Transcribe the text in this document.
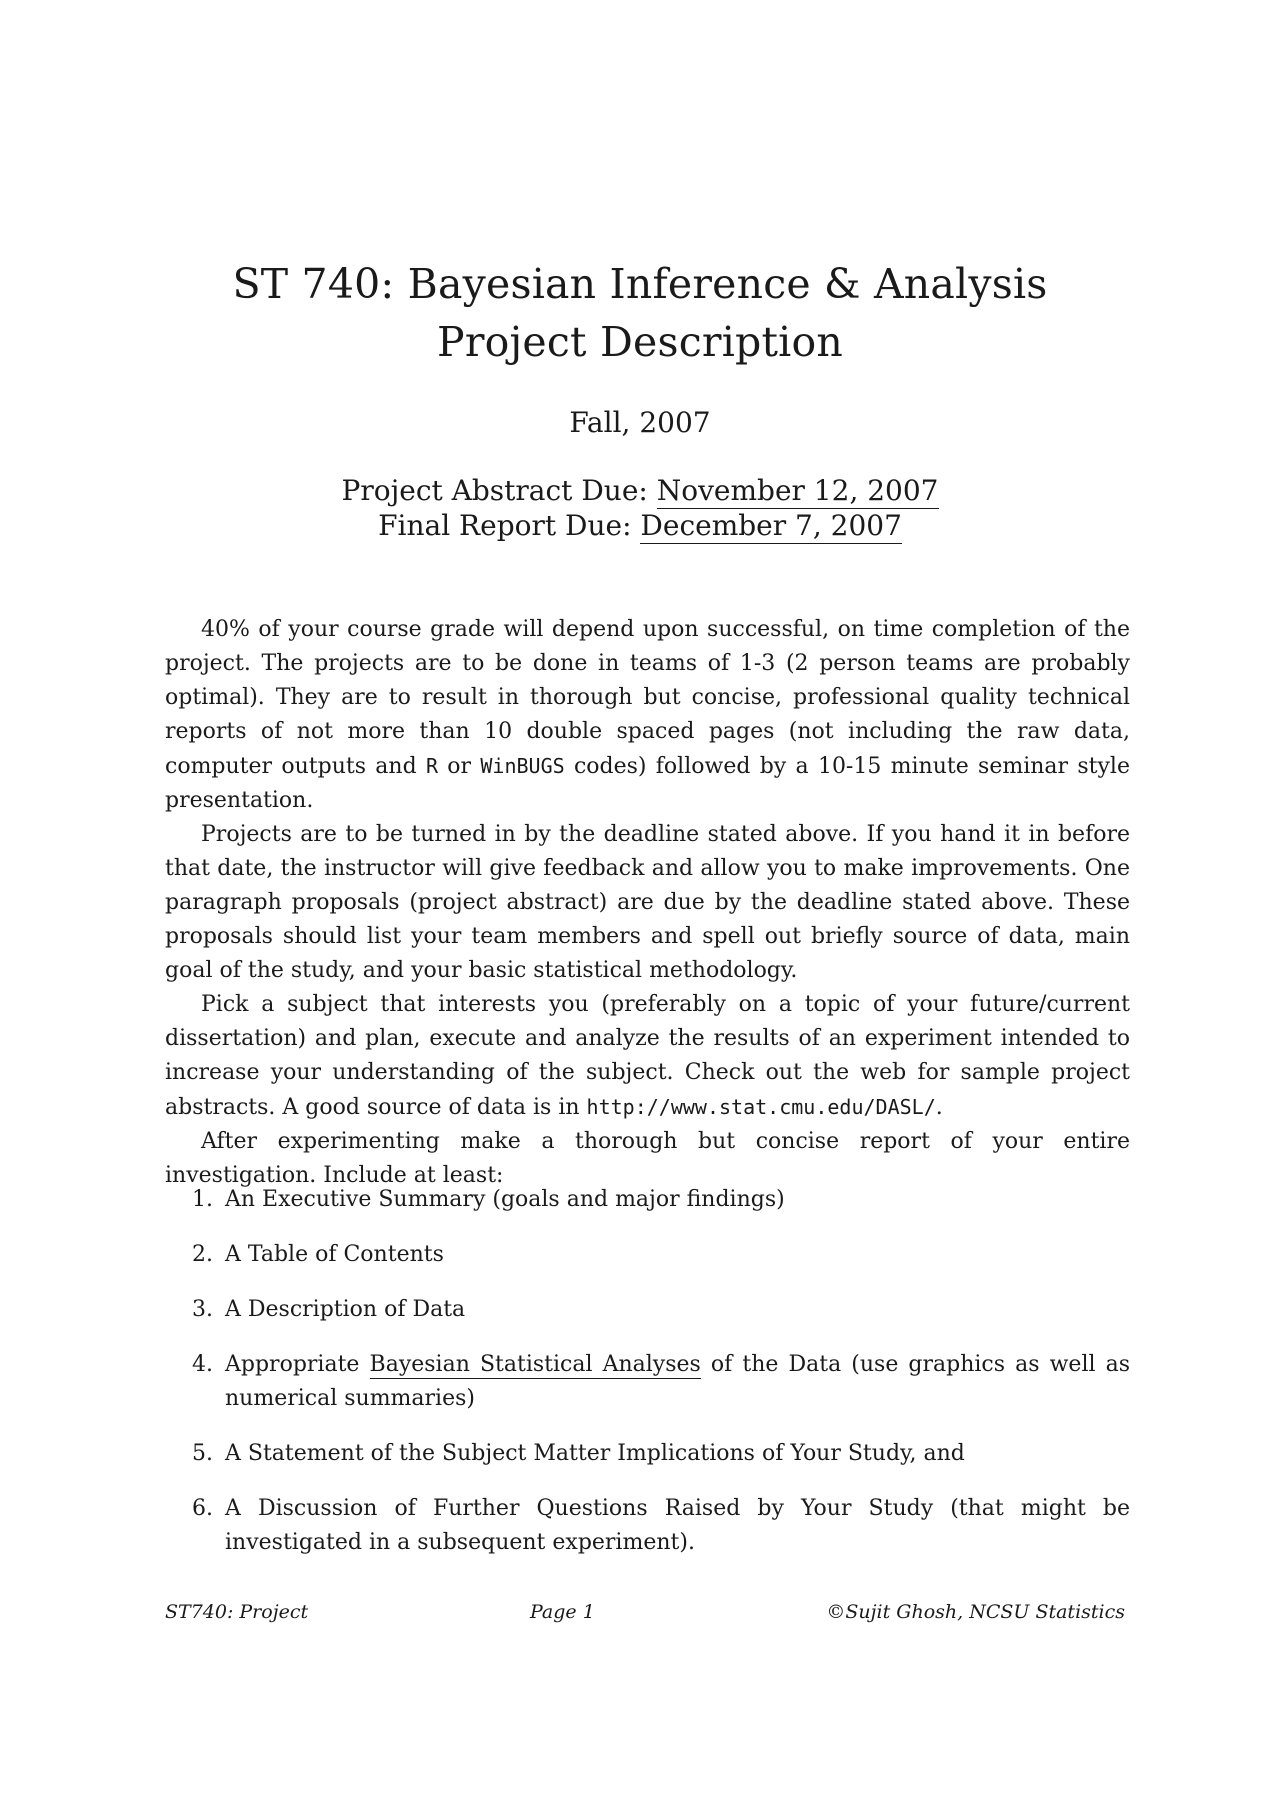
ST 740: Bayesian Inference & Analysis
Project Description
Fall, 2007
Project Abstract Due: November 12, 2007
Final Report Due: December 7, 2007

40% of your course grade will depend upon successful, on time completion of the project. The projects are to be done in teams of 1-3 (2 person teams are probably optimal). They are to result in thorough but concise, professional quality technical reports of not more than 10 double spaced pages (not including the raw data, computer outputs and R or WinBUGS codes) followed by a 10-15 minute seminar style presentation.

Projects are to be turned in by the deadline stated above. If you hand it in before that date, the instructor will give feedback and allow you to make improvements. One paragraph proposals (project abstract) are due by the deadline stated above. These proposals should list your team members and spell out briefly source of data, main goal of the study, and your basic statistical methodology.

Pick a subject that interests you (preferably on a topic of your future/current dissertation) and plan, execute and analyze the results of an experiment intended to increase your understanding of the subject. Check out the web for sample project abstracts. A good source of data is in http://www.stat.cmu.edu/DASL/.

After experimenting make a thorough but concise report of your entire investigation. Include at least:

1. An Executive Summary (goals and major findings)
2. A Table of Contents
3. A Description of Data
4. Appropriate Bayesian Statistical Analyses of the Data (use graphics as well as numerical summaries)
5. A Statement of the Subject Matter Implications of Your Study, and
6. A Discussion of Further Questions Raised by Your Study (that might be investigated in a subsequent experiment).
ST740: Project	Page 1	©Sujit Ghosh, NCSU Statistics
